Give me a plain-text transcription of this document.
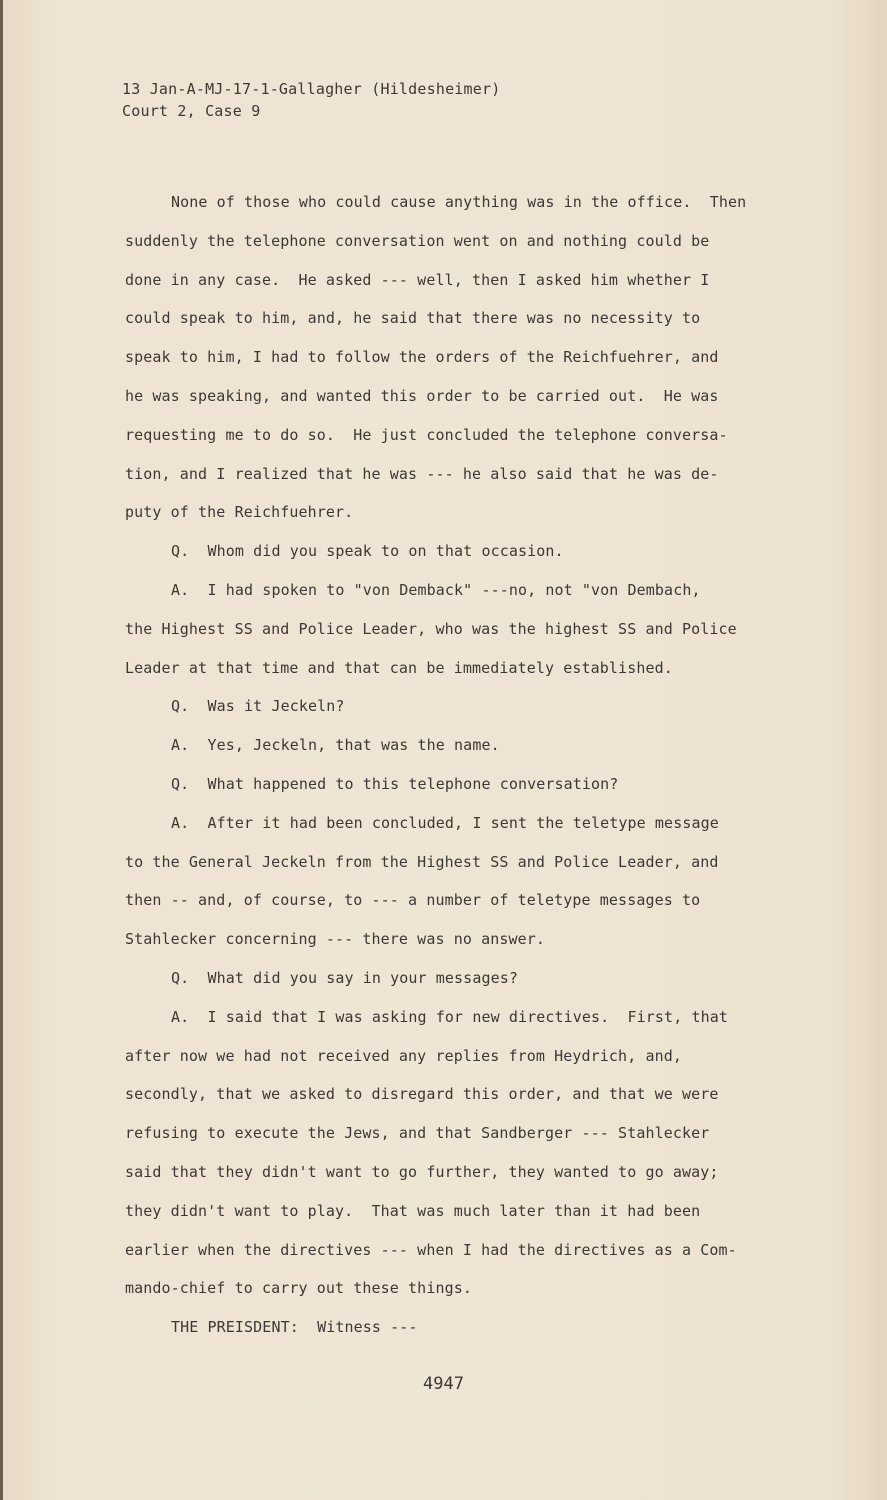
13 Jan-A-MJ-17-1-Gallagher (Hildesheimer)
Court 2, Case 9
None of those who could cause anything was in the office.  Then
suddenly the telephone conversation went on and nothing could be
done in any case.  He asked --- well, then I asked him whether I
could speak to him, and, he said that there was no necessity to
speak to him, I had to follow the orders of the Reichfuehrer, and
he was speaking, and wanted this order to be carried out.  He was
requesting me to do so.  He just concluded the telephone conversa-
tion, and I realized that he was --- he also said that he was de-
puty of the Reichfuehrer.
Q.  Whom did you speak to on that occasion.
A.  I had spoken to "von Demback" ---no, not "von Dembach,
the Highest SS and Police Leader, who was the highest SS and Police
Leader at that time and that can be immediately established.
Q.  Was it Jeckeln?
A.  Yes, Jeckeln, that was the name.
Q.  What happened to this telephone conversation?
A.  After it had been concluded, I sent the teletype message
to the General Jeckeln from the Highest SS and Police Leader, and
then -- and, of course, to --- a number of teletype messages to
Stahlecker concerning --- there was no answer.
Q.  What did you say in your messages?
A.  I said that I was asking for new directives.  First, that
after now we had not received any replies from Heydrich, and,
secondly, that we asked to disregard this order, and that we were
refusing to execute the Jews, and that Sandberger --- Stahlecker
said that they didn't want to go further, they wanted to go away;
they didn't want to play.  That was much later than it had been
earlier when the directives --- when I had the directives as a Com-
mando-chief to carry out these things.
THE PREISDENT:  Witness ---
4947
